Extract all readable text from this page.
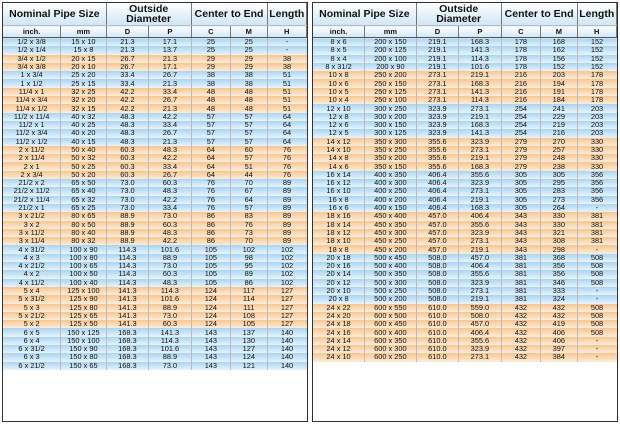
Nominal Pipe Size		Outside Diameter		Center to End		Length
inch.	mm	D	P	C	M	H
1/2 x 3/8	15 x 10	21.3	17.1	25	25	-
1/2 x 1/4	15 x 8	21.3	13.7	25	25	-
3/4 x 1/2	20 x 15	26.7	21.3	29	29	38
3/4 x 3/8	20 x 10	26.7	17.1	29	29	38
1 x 3/4	25 x 20	33.4	26.7	38	38	51
1 x 1/2	25 x 15	33.4	21.3	38	38	51
11/4 x 1	32 x 25	42.2	33.4	48	48	51
11/4 x 3/4	32 x 20	42.2	26.7	48	48	51
11/4 x 1/2	32 x 15	42.2	21.3	48	48	51
11/2 x 11/4	40 x 32	48.3	42.2	57	57	64
11/2 x 1	40 x 25	48.3	33.4	57	57	64
11/2 x 3/4	40 x 20	48.3	26.7	57	57	64
11/2 x 1/2	40 x 15	48.3	21.3	57	57	64
2 x 11/2	50 x 40	60.3	48.3	64	60	76
2 x 11/4	50 x 32	60.3	42.2	64	57	76
2 x 1	50 x 25	60.3	33.4	64	51	76
2 x 3/4	50 x 20	60.3	26.7	64	44	76
21/2 x 2	65 x 50	73.0	60.3	76	70	89
21/2 x 11/2	65 x 40	73.0	48.3	76	67	89
21/2 x 11/4	65 x 32	73.0	42.2	76	64	89
21/2 x 1	65 x 25	73.0	33.4	76	57	89
3 x 21/2	80 x 65	88.9	73.0	86	83	89
3 x 2	80 x 50	88.9	60.3	86	76	89
3 x 11/2	80 x 40	88.9	48.3	86	73	89
3 x 11/4	80 x 32	88.9	42.2	86	70	89
4 x 31/2	100 x 90	114.3	101.6	105	102	102
4 x 3	100 x 80	114.3	88.9	105	98	102
4 x 21/2	100 x 65	114.3	73.0	105	95	102
4 x 2	100 x 50	114.3	60.3	105	89	102
4 x 11/2	100 x 40	114.3	48.3	105	86	102
5 x 4	125 x 100	141.3	114.3	124	117	127
5 x 31/2	125 x 90	141.3	101.6	124	114	127
5 x 3	125 x 80	141.3	88.9	124	111	127
5 x 21/2	125 x 65	141.3	73.0	124	108	127
5 x 2	125 x 50	141.3	60.3	124	105	127
6 x 5	150 x 125	168.3	141.3	143	137	140
6 x 4	150 x 100	168.3	114.3	143	130	140
6 x 31/2	150 x 90	168.3	101.6	143	127	140
6 x 3	150 x 80	168.3	88.9	143	124	140
6 x 21/2	150 x 65	168.3	73.0	143	121	140
Nominal Pipe Size		Outside Diameter		Center to End		Length
inch.	mm	D	P	C	M	H
8 x 6	200 x 150	219.1	168.3	178	168	152
8 x 5	200 x 125	219.1	141.3	178	162	152
8 x 4	200 x 100	219.1	114.3	178	156	152
8 x 31/2	200 x 90	219.1	101.6	178	152	152
10 x 8	250 x 200	273.1	219.1	216	203	178
10 x 6	250 x 150	273.1	168.3	216	194	178
10 x 5	250 x 125	273.1	141.3	216	191	178
10 x 4	250 x 100	273.1	114.3	216	184	178
12 x 10	300 x 250	323.9	273.1	254	241	203
12 x 8	300 x 200	323.9	219.1	254	229	203
12 x 6	300 x 150	323.9	168.3	254	219	203
12 x 5	300 x 125	323.9	141.3	254	216	203
14 x 12	350 x 300	355.6	323.9	279	270	330
14 x 10	350 x 250	355.6	273.1	279	257	330
14 x 8	350 x 200	355.6	219.1	279	248	330
14 x 6	350 x 150	355.6	168.3	279	238	330
16 x 14	400 x 350	406.4	355.6	305	305	356
16 x 12	400 x 300	406.4	323.9	305	295	356
16 x 10	400 x 250	406.4	273.1	305	283	356
16 x 8	400 x 200	406.4	219.1	305	273	356
16 x 6	400 x 150	406.4	168.3	305	264	-
18 x 16	450 x 400	457.0	406.4	343	330	381
18 x 14	450 x 350	457.0	355.6	343	330	381
18 x 12	450 x 300	457.0	323.9	343	321	381
18 x 10	450 x 250	457.0	273.1	343	308	381
18 x 8	450 x 200	457.0	219.1	343	298	-
20 x 18	500 x 450	508.0	457.0	381	368	508
20 x 16	500 x 400	508.0	406.4	381	356	508
20 x 14	500 x 350	508.0	355.6	381	356	508
20 x 12	500 x 300	508.0	323.9	381	346	508
20 x 10	500 x 250	508.0	273.1	381	333	-
20 x 8	500 x 200	508.0	219.1	381	324	-
24 x 22	600 x 550	610.0	559.0	432	432	508
24 x 20	600 x 500	610.0	508.0	432	432	508
24 x 18	600 x 450	610.0	457.0	432	419	508
24 x 16	600 x 400	610.0	406.4	432	406	508
24 x 14	600 x 350	610.0	355.6	432	406	-
24 x 12	600 x 300	610.0	323.9	432	397	-
24 x 10	600 x 250	610.0	273.1	432	384	-
